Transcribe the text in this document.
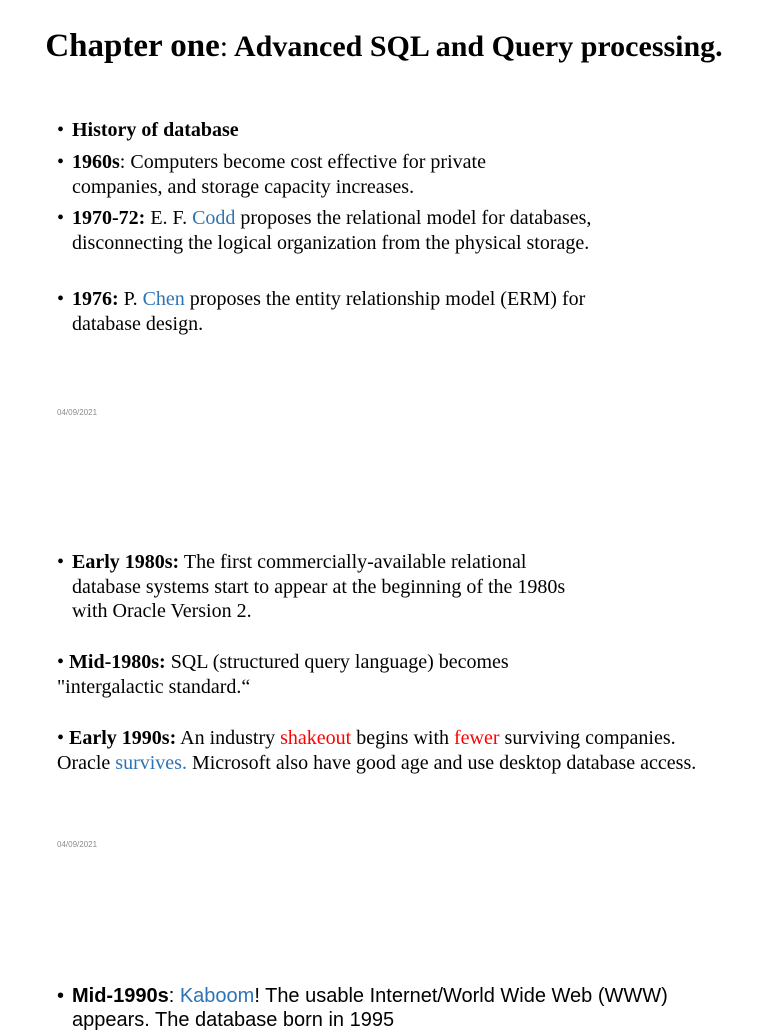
Chapter one: Advanced SQL and Query processing.

• History of database

• 1960s: Computers become cost effective for private companies, and storage capacity increases.

• 1970-72: E. F. Codd proposes the relational model for databases, disconnecting the logical organization from the physical storage.

• 1976: P. Chen proposes the entity relationship model (ERM) for database design.

04/09/2021

• Early 1980s: The first commercially-available relational database systems start to appear at the beginning of the 1980s with Oracle Version 2.

• Mid-1980s: SQL (structured query language) becomes "intergalactic standard.“

• Early 1990s: An industry shakeout begins with fewer surviving companies. Oracle survives. Microsoft also have good age and use desktop database access.

04/09/2021

• Mid-1990s: Kaboom! The usable Internet/World Wide Web (WWW) appears. The database born in 1995
